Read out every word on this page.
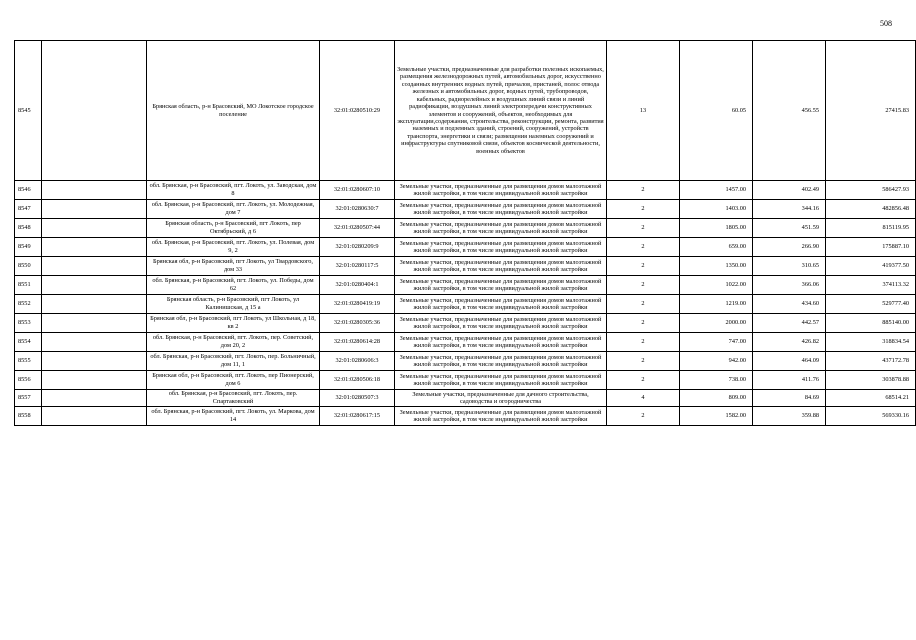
508
8545		Брянская область, р-н Брасовский, МО Локотское городское поселение	32:01:0280510:29	Земельные участки, предназначенные для разработки полезных ископаемых, размещения железнодорожных путей, автомобильных дорог, искусственно созданных внутренних водных путей, причалов, пристаней, полос отвода железных и автомобильных дорог, водных путей, трубопроводов, кабельных, радиорелейных и воздушных линий связи и линий радиофикации, воздушных линий электропередачи конструктивных элементов и сооружений, объектов, необходимых для эксплуатации,содержания, строительства, реконструкции, ремонта, развития наземных и подземных зданий, строений, сооружений, устройств транспорта, энергетики и связи; размещения наземных сооружений и инфраструктуры спутниковой связи, объектов космической деятельности, военных объектов	13	60.05	456.55	27415.83
8546		обл. Брянская, р-н Брасовский, пгт. Локоть, ул. Заводская, дом 8	32:01:0280607:10	Земельные участки, предназначенные для размещения домов малоэтажной жилой застройки, в том числе индивидуальной жилой застройки	2	1457.00	402.49	586427.93
8547		обл. Брянская, р-н Брасовский, пгт. Локоть, ул. Молодежная, дом 7	32:01:0280630:7	Земельные участки, предназначенные для размещения домов малоэтажной жилой застройки, в том числе индивидуальной жилой застройки	2	1403.00	344.16	482856.48
8548		Брянская область, р-н Брасовский, пгт Локоть, пер Октябрьский, д 6	32:01:0280507:44	Земельные участки, предназначенные для размещения домов малоэтажной жилой застройки, в том числе индивидуальной жилой застройки	2	1805.00	451.59	815119.95
8549		обл. Брянская, р-н Брасовский, пгт. Локоть, ул. Полевая, дом 9, 2	32:01:0280209:9	Земельные участки, предназначенные для размещения домов малоэтажной жилой застройки, в том числе индивидуальной жилой застройки	2	659.00	266.90	175887.10
8550		Брянская обл, р-н Брасовский, пгт Локоть, ул Твардовского, дом 33	32:01:0280117:5	Земельные участки, предназначенные для размещения домов малоэтажной жилой застройки, в том числе индивидуальной жилой застройки	2	1350.00	310.65	419377.50
8551		обл. Брянская, р-н Брасовский, пгт. Локоть, ул. Победы, дом 62	32:01:0280404:1	Земельные участки, предназначенные для размещения домов малоэтажной жилой застройки, в том числе индивидуальной жилой застройки	2	1022.00	366.06	374113.32
8552		Брянская область, р-н Брасовский, пгт Локоть, ул Калинишская, д 15 а	32:01:0280419:19	Земельные участки, предназначенные для размещения домов малоэтажной жилой застройки, в том числе индивидуальной жилой застройки	2	1219.00	434.60	529777.40
8553		Брянская обл, р-н Брасовский, пгт Локоть, ул Школьная, д 18, кв 2	32:01:0280305:36	Земельные участки, предназначенные для размещения домов малоэтажной жилой застройки, в том числе индивидуальной жилой застройки	2	2000.00	442.57	885140.00
8554		обл. Брянская, р-н Брасовский, пгт. Локоть, пер. Советский, дом 20, 2	32:01:0280614:28	Земельные участки, предназначенные для размещения домов малоэтажной жилой застройки, в том числе индивидуальной жилой застройки	2	747.00	426.82	318834.54
8555		обл. Брянская, р-н Брасовский, пгт. Локоть, пер. Больничный, дом 11, 1	32:01:0280606:3	Земельные участки, предназначенные для размещения домов малоэтажной жилой застройки, в том числе индивидуальной жилой застройки	2	942.00	464.09	437172.78
8556		Брянская обл, р-н Брасовский, пгт. Локоть, пер Пионерский, дом 6	32:01:0280506:18	Земельные участки, предназначенные для размещения домов малоэтажной жилой застройки, в том числе индивидуальной жилой застройки	2	738.00	411.76	303878.88
8557		обл. Брянская, р-н Брасовский, пгт. Локоть, пер. Спартаковский	32:01:0280507:3	Земельные участки, предназначенные для дачного строительства, садоводства и огородничества	4	809.00	84.69	68514.21
8558		обл. Брянская, р-н Брасовский, пгт. Локоть, ул. Маркова, дом 14	32:01:0280617:15	Земельные участки, предназначенные для размещения домов малоэтажной жилой застройки, в том числе индивидуальной жилой застройки	2	1582.00	359.88	569330.16
